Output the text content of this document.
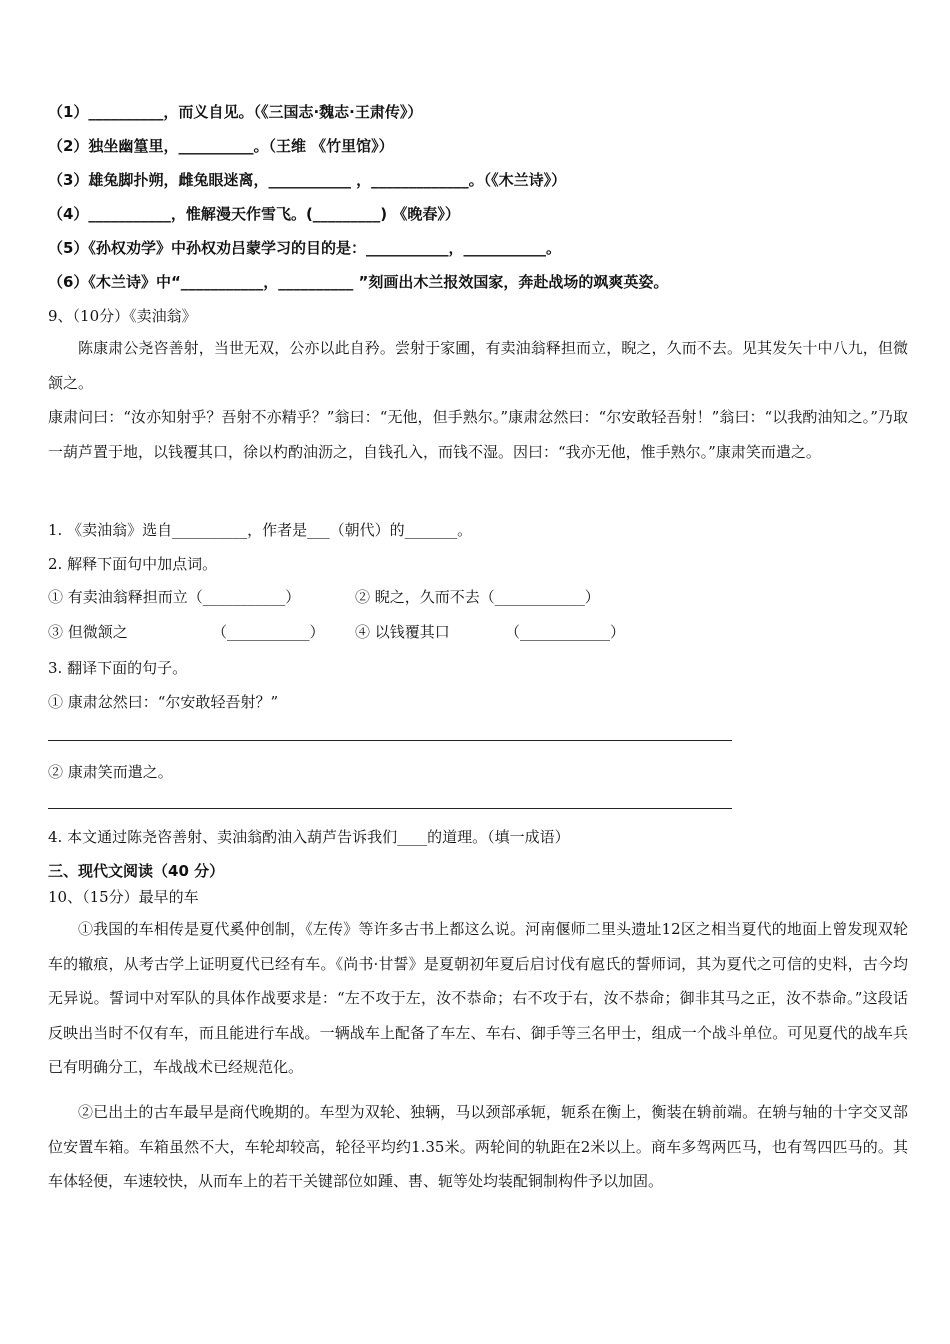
（1）__________，而义自见。（《三国志·魏志·王肃传》）
（2）独坐幽篁里，__________。（王维 《竹里馆》）
（3）雄兔脚扑朔，雌兔眼迷离，___________ ，_____________。（《木兰诗》）
（4）___________，惟解漫天作雪飞。(_________) 《晚春》）
（5）《孙权劝学》中孙权劝吕蒙学习的目的是：___________，___________。
（6）《木兰诗》中“___________，__________ ”刻画出木兰报效国家，奔赴战场的飒爽英姿。
9、（10分）《卖油翁》
陈康肃公尧咨善射，当世无双，公亦以此自矜。尝射于家圃，有卖油翁释担而立，睨之，久而不去。见其发矢十中八九，但微颔之。
康肃问曰：“汝亦知射乎？吾射不亦精乎？”翁曰：“无他，但手熟尔。”康肃忿然曰：“尔安敢轻吾射！”翁曰：“以我酌油知之。”乃取一葫芦置于地，以钱覆其口，徐以杓酌油沥之，自钱孔入，而钱不湿。因曰：“我亦无他，惟手熟尔。”康肃笑而遣之。
1. 《卖油翁》选自__________，作者是___（朝代）的_______。
2. 解释下面句中加点词。
① 有卖油翁释担而立（___________）	② 睨之，久而不去（____________）
③ 但微颔之	（___________） ④ 以钱覆其口	（____________）
3. 翻译下面的句子。
① 康肃忿然曰：“尔安敢轻吾射？”
② 康肃笑而遣之。
4. 本文通过陈尧咨善射、卖油翁酌油入葫芦告诉我们____的道理。（填一成语）
三、现代文阅读（40 分）
10、（15分）最早的车
①我国的车相传是夏代奚仲创制，《左传》等许多古书上都这么说。河南偃师二里头遗址12区之相当夏代的地面上曾发现双轮车的辙痕，从考古学上证明夏代已经有车。《尚书·甘誓》是夏朝初年夏后启讨伐有扈氏的誓师词，其为夏代之可信的史料，古今均无异说。誓词中对军队的具体作战要求是：“左不攻于左，汝不恭命；右不攻于右，汝不恭命；御非其马之正，汝不恭命。”这段话反映出当时不仅有车，而且能进行车战。一辆战车上配备了车左、车右、御手等三名甲士，组成一个战斗单位。可见夏代的战车兵已有明确分工，车战战术已经规范化。
②已出土的古车最早是商代晚期的。车型为双轮、独辆，马以颈部承轭，轭系在衡上，衡装在辀前端。在辀与轴的十字交叉部位安置车箱。车箱虽然不大，车轮却较高，轮径平均约1.35米。两轮间的轨距在2米以上。商车多驾两匹马，也有驾四匹马的。其车体轻便，车速较快，从而车上的若干关键部位如踵、軎、轭等处均装配铜制构件予以加固。
